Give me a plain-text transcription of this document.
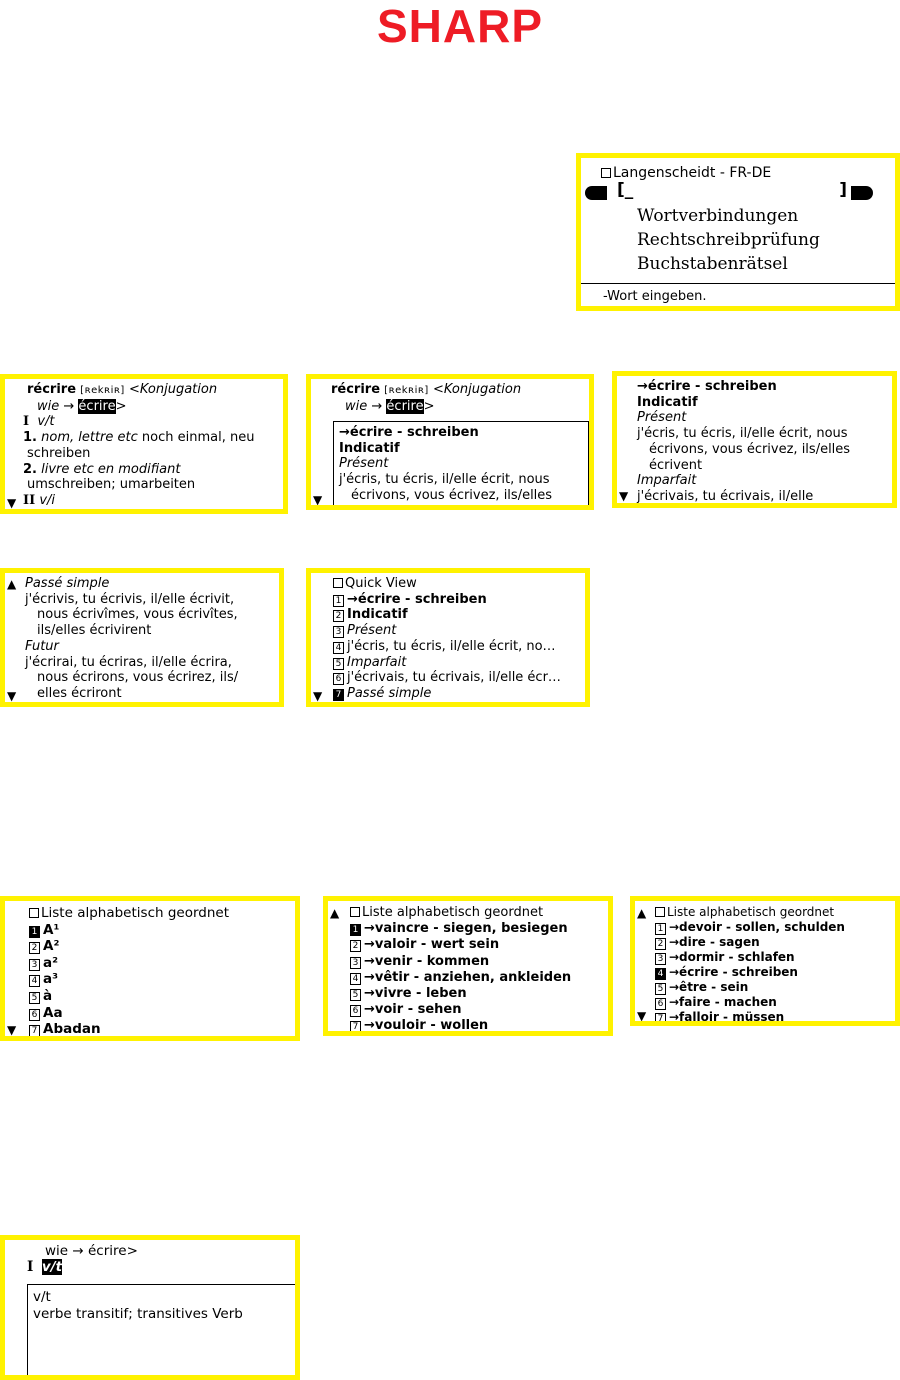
SHARP
Langenscheidt - FR-DE
[_	]
Wortverbindungen
Rechtschreibprüfung
Buchstabenrätsel
-Wort eingeben.
récrire [ʀekʀiʀ] <Konjugation
wie → écrire>
I v/t
1. nom, lettre etc noch einmal, neu
schreiben
2. livre etc en modifiant
umschreiben; umarbeiten
II v/i
▼
récrire [ʀekʀiʀ] <Konjugation
wie → écrire>
→écrire - schreiben
Indicatif
Présent
j'écris, tu écris, il/elle écrit, nous
écrivons, vous écrivez, ils/elles
▼
→écrire - schreiben
Indicatif
Présent
j'écris, tu écris, il/elle écrit, nous
écrivons, vous écrivez, ils/elles
écrivent
Imparfait
j'écrivais, tu écrivais, il/elle
▼
▲ Passé simple
j'écrivis, tu écrivis, il/elle écrivit,
nous écrivîmes, vous écrivîtes,
ils/elles écrivirent
Futur
j'écrirai, tu écriras, il/elle écrira,
nous écrirons, vous écrirez, ils/
elles écriront
▼
Quick View
1 →écrire - schreiben
2 Indicatif
3 Présent
4 j'écris, tu écris, il/elle écrit, no…
5 Imparfait
6 j'écrivais, tu écrivais, il/elle écr…
7 Passé simple
▼
Liste alphabetisch geordnet
1 A¹
2 A²
3 a²
4 a³
5 à
6 Aa
7 Abadan
▼
▲	Liste alphabetisch geordnet
1 →vaincre - siegen, besiegen
2 →valoir - wert sein
3 →venir - kommen
4 →vêtir - anziehen, ankleiden
5 →vivre - leben
6 →voir - sehen
7 →vouloir - wollen
▲	Liste alphabetisch geordnet
1 →devoir - sollen, schulden
2 →dire - sagen
3 →dormir - schlafen
4 →écrire - schreiben
5 →être - sein
6 →faire - machen
7 →falloir - müssen
▼
wie → écrire>
I v/t
v/t
verbe transitif; transitives Verb
